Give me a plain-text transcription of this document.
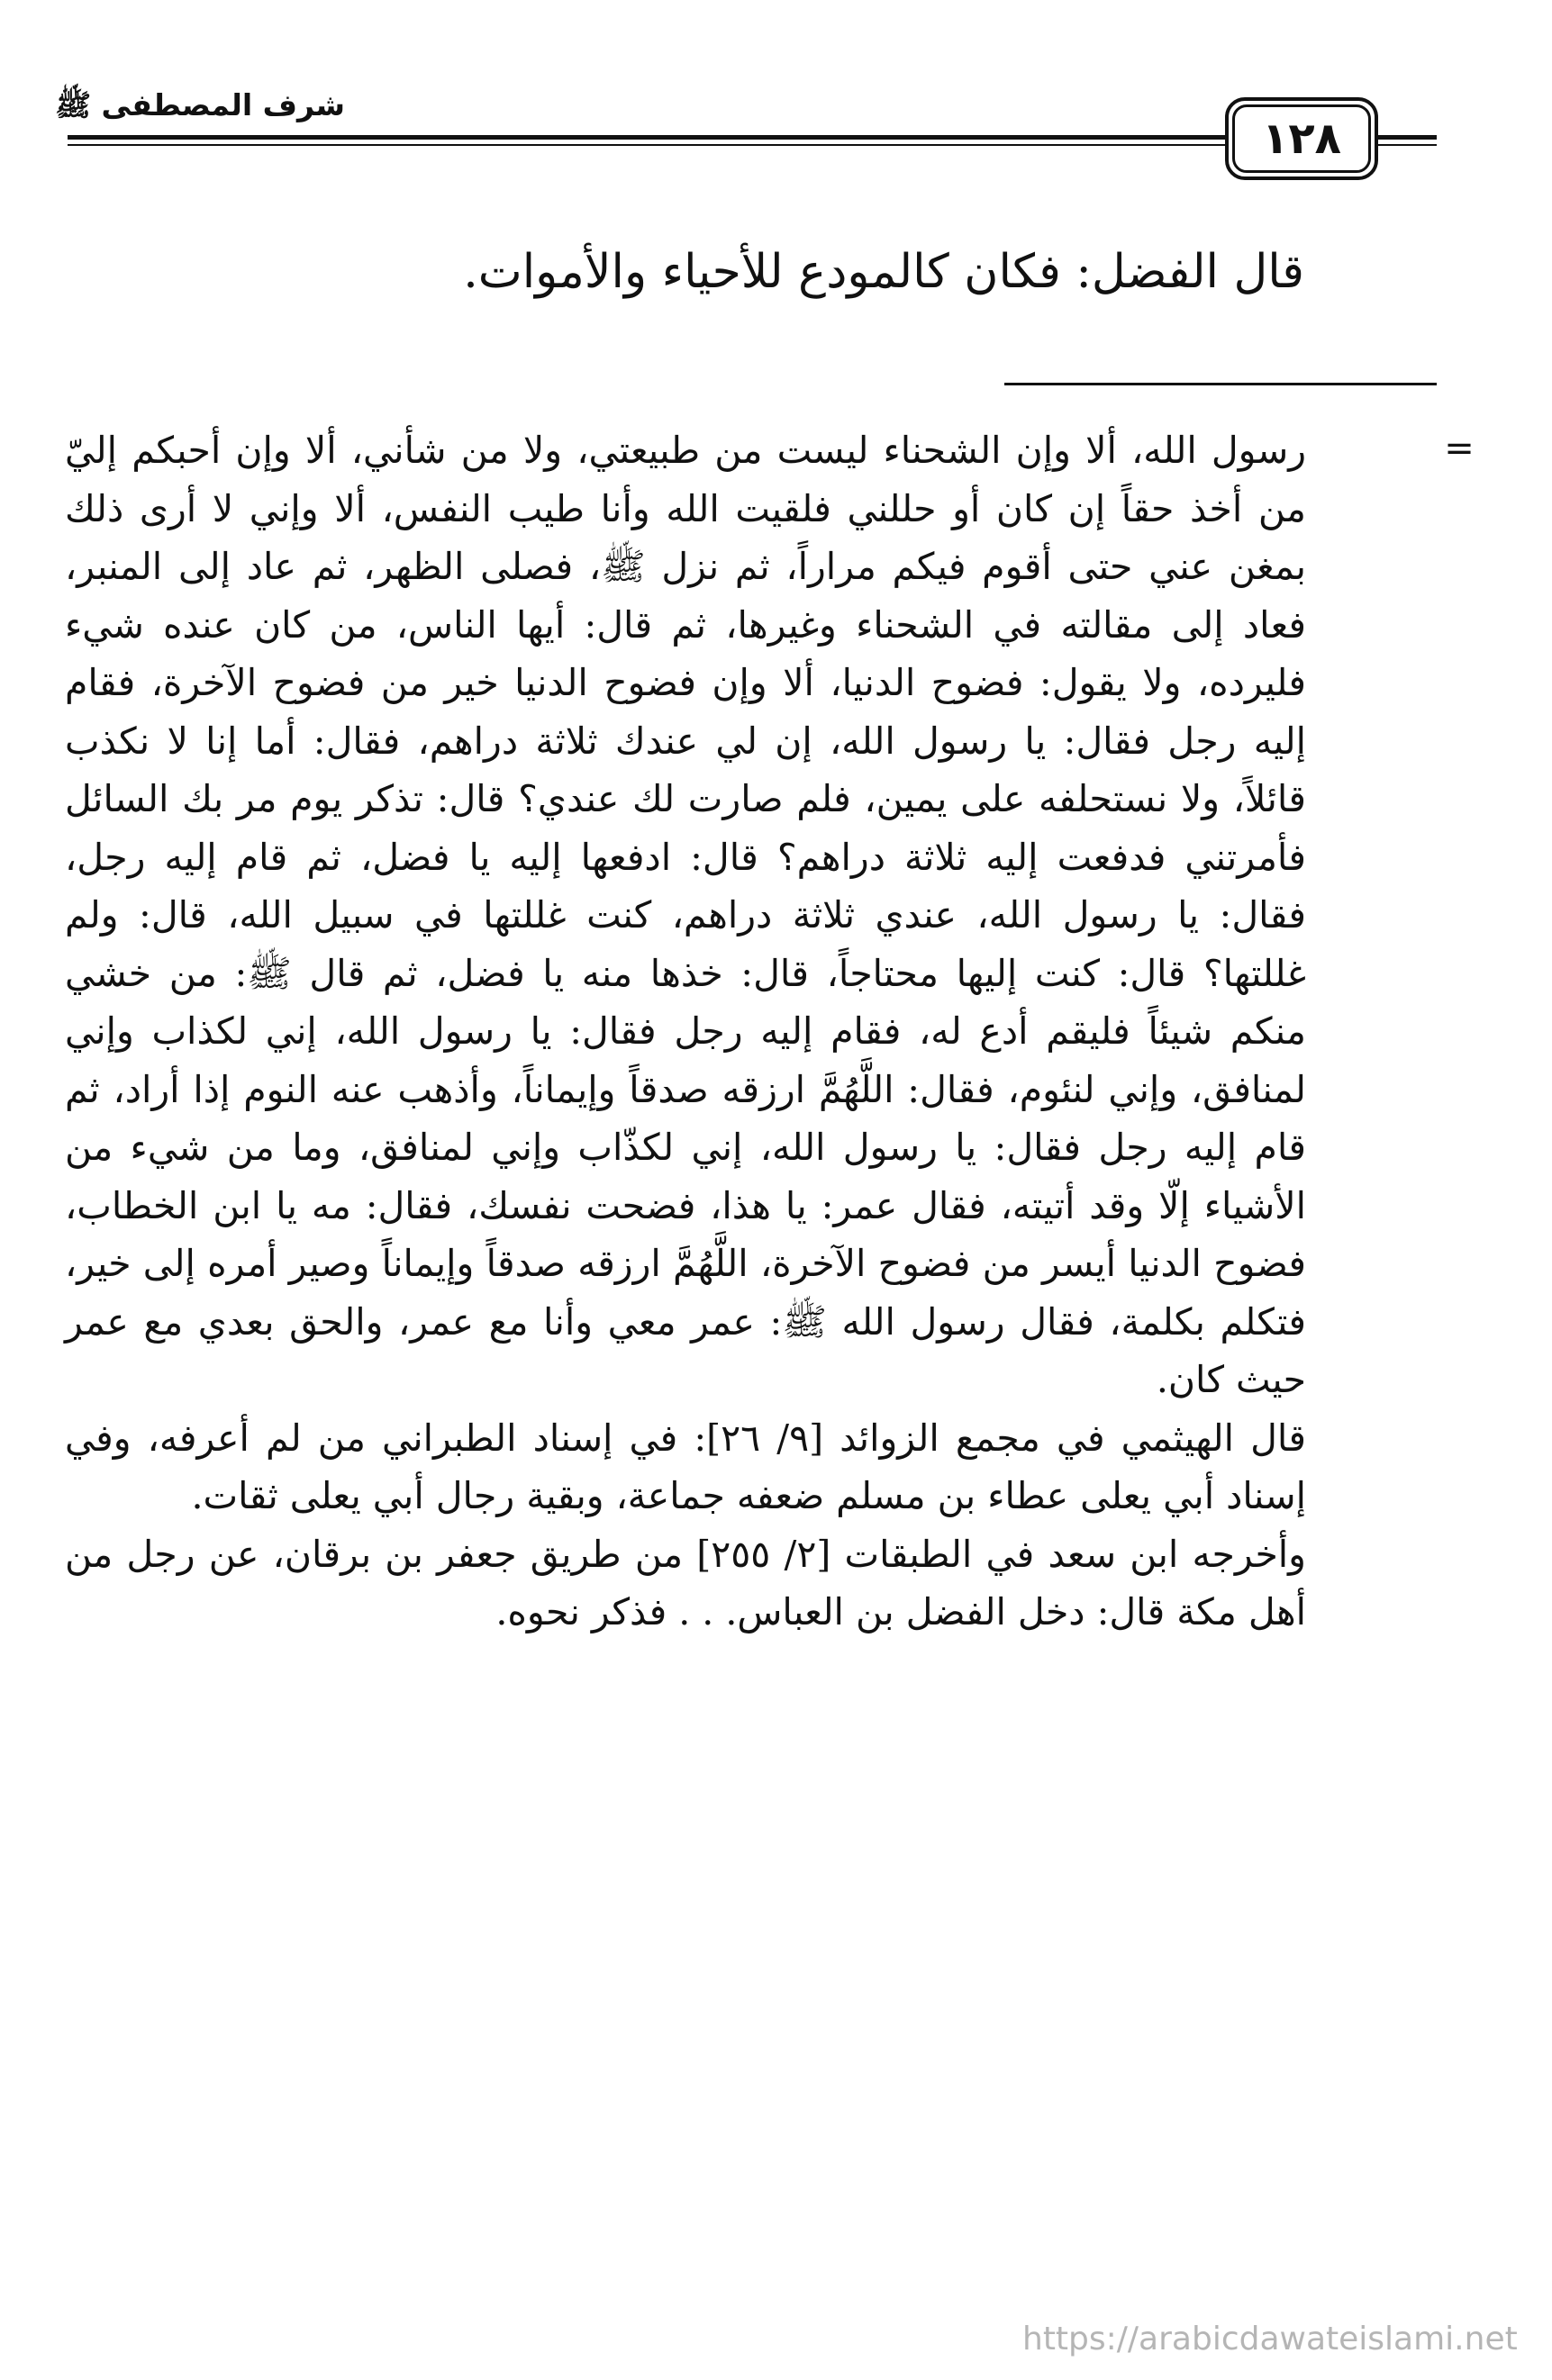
شرف المصطفى ﷺ
١٢٨
قال الفضل: فكان كالمودع للأحياء والأموات.
=

رسول الله، ألا وإن الشحناء ليست من طبيعتي، ولا من شأني، ألا وإن أحبكم إليّ من أخذ حقاً إن كان أو حللني فلقيت الله وأنا طيب النفس، ألا وإني لا أرى ذلك بمغن عني حتى أقوم فيكم مراراً، ثم نزل ﷺ، فصلى الظهر، ثم عاد إلى المنبر، فعاد إلى مقالته في الشحناء وغيرها، ثم قال: أيها الناس، من كان عنده شيء فليرده، ولا يقول: فضوح الدنيا، ألا وإن فضوح الدنيا خير من فضوح الآخرة، فقام إليه رجل فقال: يا رسول الله، إن لي عندك ثلاثة دراهم، فقال: أما إنا لا نكذب قائلاً، ولا نستحلفه على يمين، فلم صارت لك عندي؟ قال: تذكر يوم مر بك السائل فأمرتني فدفعت إليه ثلاثة دراهم؟ قال: ادفعها إليه يا فضل، ثم قام إليه رجل، فقال: يا رسول الله، عندي ثلاثة دراهم، كنت غللتها في سبيل الله، قال: ولم غللتها؟ قال: كنت إليها محتاجاً، قال: خذها منه يا فضل، ثم قال ﷺ: من خشي منكم شيئاً فليقم أدع له، فقام إليه رجل فقال: يا رسول الله، إني لكذاب وإني لمنافق، وإني لنئوم، فقال: اللَّهُمَّ ارزقه صدقاً وإيماناً، وأذهب عنه النوم إذا أراد، ثم قام إليه رجل فقال: يا رسول الله، إني لكذّاب وإني لمنافق، وما من شيء من الأشياء إلّا وقد أتيته، فقال عمر: يا هذا، فضحت نفسك، فقال: مه يا ابن الخطاب، فضوح الدنيا أيسر من فضوح الآخرة، اللَّهُمَّ ارزقه صدقاً وإيماناً وصير أمره إلى خير، فتكلم بكلمة، فقال رسول الله ﷺ: عمر معي وأنا مع عمر، والحق بعدي مع عمر حيث كان.

قال الهيثمي في مجمع الزوائد [٩/ ٢٦]: في إسناد الطبراني من لم أعرفه، وفي إسناد أبي يعلى عطاء بن مسلم ضعفه جماعة، وبقية رجال أبي يعلى ثقات.

وأخرجه ابن سعد في الطبقات [٢/ ٢٥٥] من طريق جعفر بن برقان، عن رجل من أهل مكة قال: دخل الفضل بن العباس. . . فذكر نحوه.

https://arabicdawateislami.net
